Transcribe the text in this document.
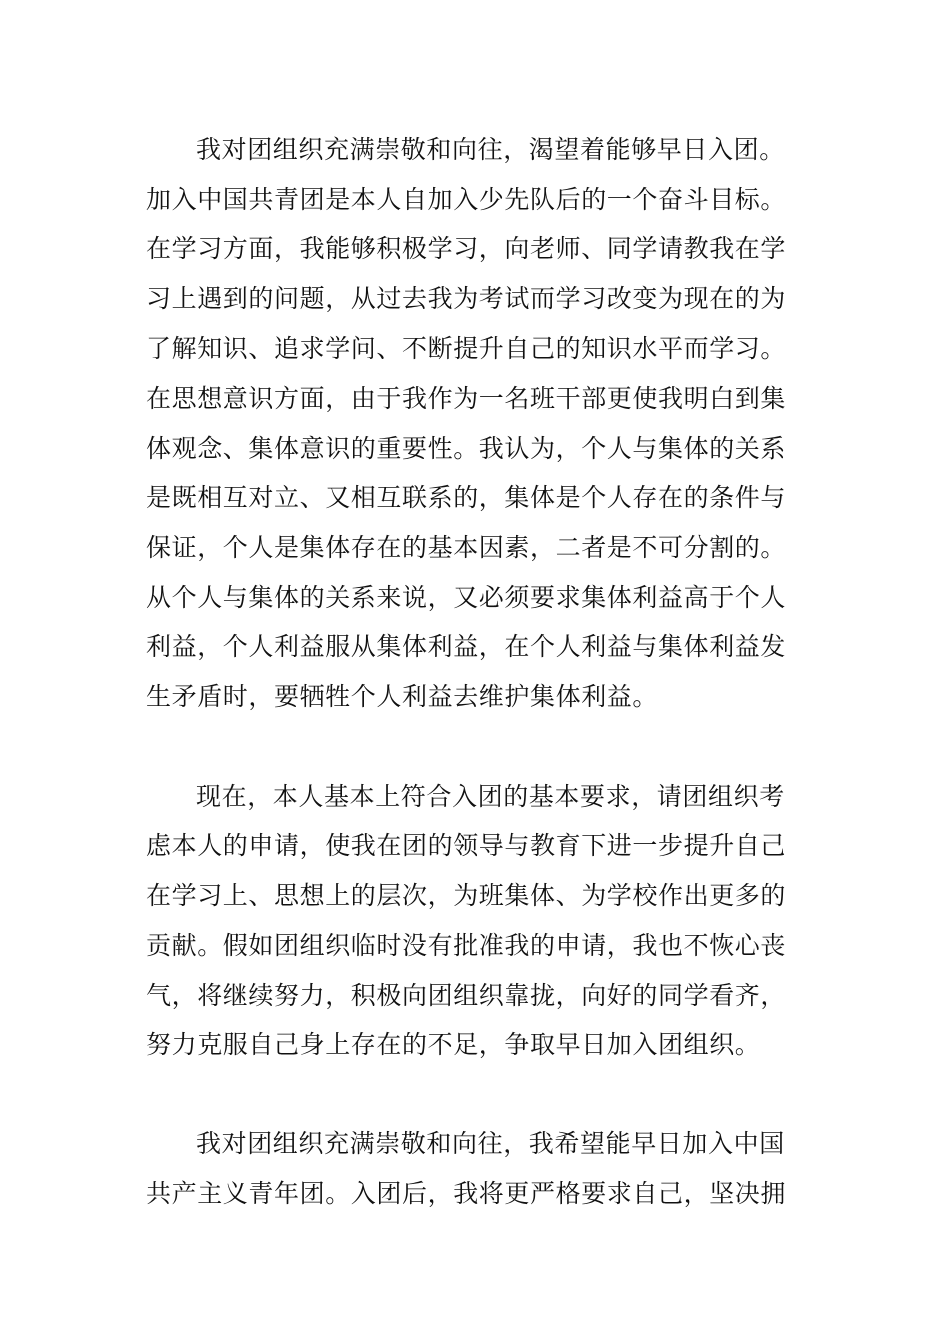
我对团组织充满崇敬和向往，渴望着能够早日入团。
加入中国共青团是本人自加入少先队后的一个奋斗目标。
在学习方面，我能够积极学习，向老师、同学请教我在学
习上遇到的问题，从过去我为考试而学习改变为现在的为
了解知识、追求学问、不断提升自己的知识水平而学习。
在思想意识方面，由于我作为一名班干部更使我明白到集
体观念、集体意识的重要性。我认为，个人与集体的关系
是既相互对立、又相互联系的，集体是个人存在的条件与
保证，个人是集体存在的基本因素，二者是不可分割的。
从个人与集体的关系来说，又必须要求集体利益高于个人
利益，个人利益服从集体利益，在个人利益与集体利益发
生矛盾时，要牺牲个人利益去维护集体利益。
现在，本人基本上符合入团的基本要求，请团组织考
虑本人的申请，使我在团的领导与教育下进一步提升自己
在学习上、思想上的层次，为班集体、为学校作出更多的
贡献。假如团组织临时没有批准我的申请，我也不恢心丧
气，将继续努力，积极向团组织靠拢，向好的同学看齐，
努力克服自己身上存在的不足，争取早日加入团组织。
我对团组织充满崇敬和向往，我希望能早日加入中国
共产主义青年团。入团后，我将更严格要求自己，坚决拥
